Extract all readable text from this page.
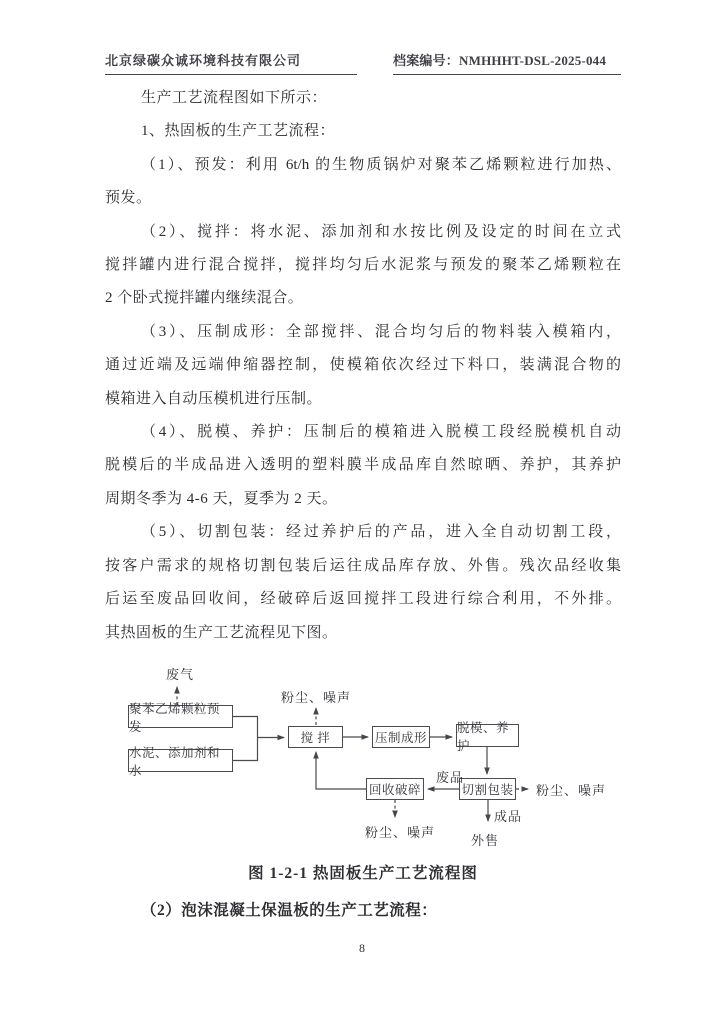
北京绿碳众诚环境科技有限公司	档案编号：NMHHHT-DSL-2025-044
生产工艺流程图如下所示：
1、热固板的生产工艺流程：
（1）、预发：利用 6t/h 的生物质锅炉对聚苯乙烯颗粒进行加热、
预发。
（2）、搅拌：将水泥、添加剂和水按比例及设定的时间在立式
搅拌罐内进行混合搅拌，搅拌均匀后水泥浆与预发的聚苯乙烯颗粒在
2 个卧式搅拌罐内继续混合。
（3）、压制成形：全部搅拌、混合均匀后的物料装入模箱内，
通过近端及远端伸缩器控制，使模箱依次经过下料口，装满混合物的
模箱进入自动压模机进行压制。
（4）、脱模、养护：压制后的模箱进入脱模工段经脱模机自动
脱模后的半成品进入透明的塑料膜半成品库自然晾晒、养护，其养护
周期冬季为 4-6 天，夏季为 2 天。
（5）、切割包装：经过养护后的产品，进入全自动切割工段，
按客户需求的规格切割包装后运往成品库存放、外售。残次品经收集
后运至废品回收间，经破碎后返回搅拌工段进行综合利用，不外排。
其热固板的生产工艺流程见下图。
聚苯乙烯颗粒预发
水泥、添加剂和水
搅 拌	压制成形
脱模、养护
切割包装
回收破碎
废气
粉尘、噪声
废品
粉尘、噪声
成品
外售
粉尘、噪声
图 1-2-1 热固板生产工艺流程图
（2）泡沫混凝土保温板的生产工艺流程：
8
